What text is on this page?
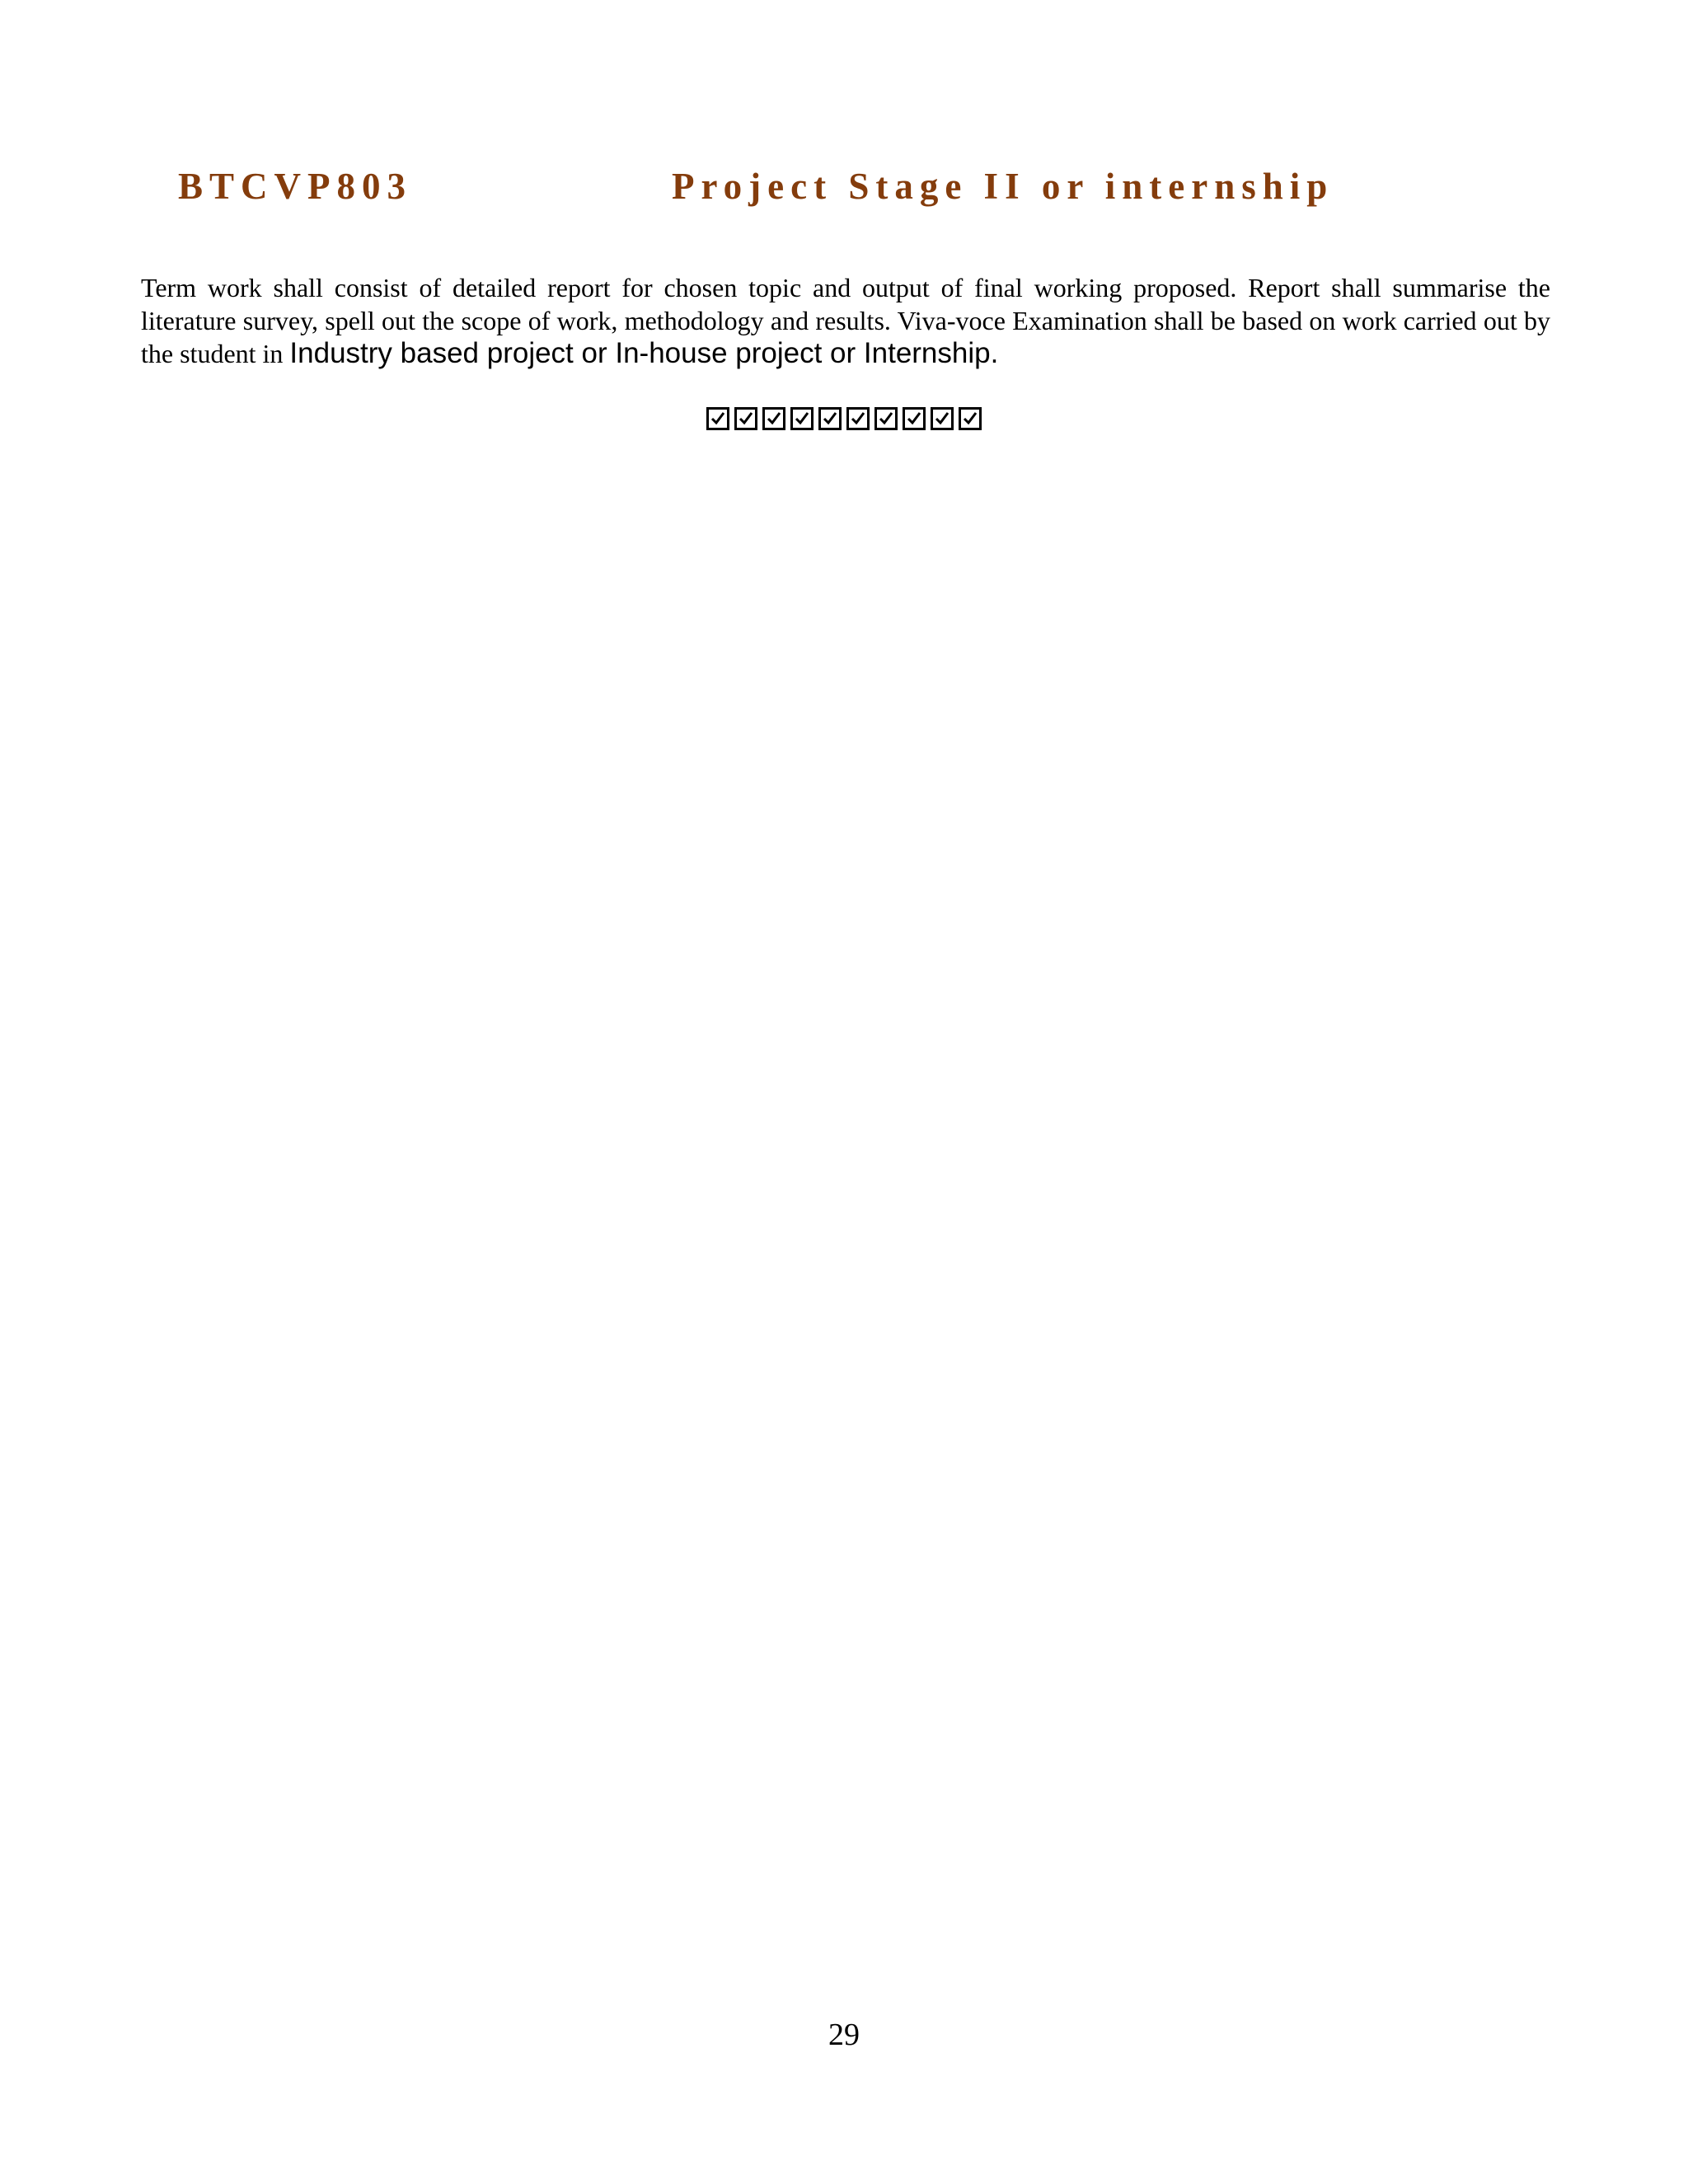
BTCVP803	Project Stage II or internship

Term work shall consist of detailed report for chosen topic and output of final working proposed. Report shall summarise the literature survey, spell out the scope of work, methodology and results. Viva-voce Examination shall be based on work carried out by the student in Industry based project or In-house project or Internship.

29
